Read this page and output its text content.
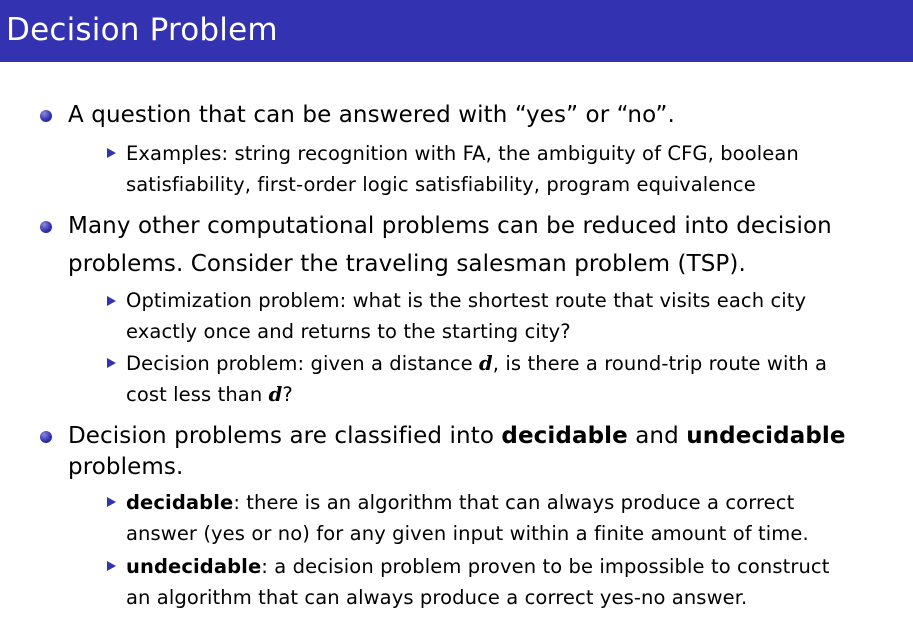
Decision Problem

A question that can be answered with “yes” or “no”.

Examples: string recognition with FA, the ambiguity of CFG, boolean

satisfiability, first-order logic satisfiability, program equivalence

Many other computational problems can be reduced into decision

problems. Consider the traveling salesman problem (TSP).

Optimization problem: what is the shortest route that visits each city

exactly once and returns to the starting city?

Decision problem: given a distance d, is there a round-trip route with a

cost less than d?

Decision problems are classified into decidable and undecidable

problems.

decidable: there is an algorithm that can always produce a correct

answer (yes or no) for any given input within a finite amount of time.

undecidable: a decision problem proven to be impossible to construct

an algorithm that can always produce a correct yes-no answer.
